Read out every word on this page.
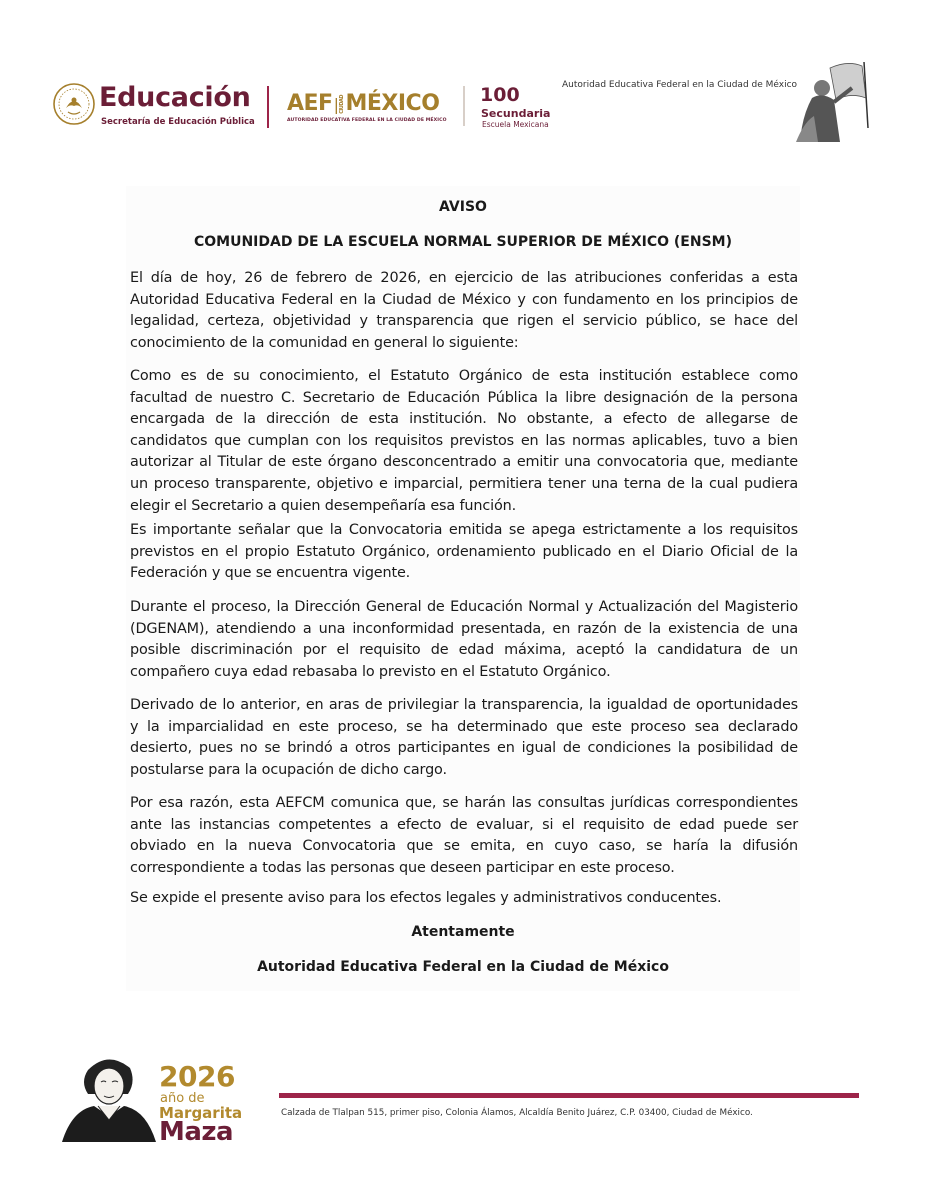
Educación
Secretaría de Educación Pública
AEF|CIUDADMÉXICO
AUTORIDAD EDUCATIVA FEDERAL EN LA CIUDAD DE MÉXICO
100
Secundaria
Escuela Mexicana
Autoridad Educativa Federal en la Ciudad de México
AVISO
COMUNIDAD DE LA ESCUELA NORMAL SUPERIOR DE MÉXICO (ENSM)

El día de hoy, 26 de febrero de 2026, en ejercicio de las atribuciones conferidas a esta Autoridad Educativa Federal en la Ciudad de México y con fundamento en los principios de legalidad, certeza, objetividad y transparencia que rigen el servicio público, se hace del conocimiento de la comunidad en general lo siguiente:

Como es de su conocimiento, el Estatuto Orgánico de esta institución establece como facultad de nuestro C. Secretario de Educación Pública la libre designación de la persona encargada de la dirección de esta institución. No obstante, a efecto de allegarse de candidatos que cumplan con los requisitos previstos en las normas aplicables, tuvo a bien autorizar al Titular de este órgano desconcentrado a emitir una convocatoria que, mediante un proceso transparente, objetivo e imparcial, permitiera tener una terna de la cual pudiera elegir el Secretario a quien desempeñaría esa función.

Es importante señalar que la Convocatoria emitida se apega estrictamente a los requisitos previstos en el propio Estatuto Orgánico, ordenamiento publicado en el Diario Oficial de la Federación y que se encuentra vigente.

Durante el proceso, la Dirección General de Educación Normal y Actualización del Magisterio (DGENAM), atendiendo a una inconformidad presentada, en razón de la existencia de una posible discriminación por el requisito de edad máxima, aceptó la candidatura de un compañero cuya edad rebasaba lo previsto en el Estatuto Orgánico.

Derivado de lo anterior, en aras de privilegiar la transparencia, la igualdad de oportunidades y la imparcialidad en este proceso, se ha determinado que este proceso sea declarado desierto, pues no se brindó a otros participantes en igual de condiciones la posibilidad de postularse para la ocupación de dicho cargo.

Por esa razón, esta AEFCM comunica que, se harán las consultas jurídicas correspondientes ante las instancias competentes a efecto de evaluar, si el requisito de edad puede ser obviado en la nueva Convocatoria que se emita, en cuyo caso, se haría la difusión correspondiente a todas las personas que deseen participar en este proceso.

Se expide el presente aviso para los efectos legales y administrativos conducentes.

Atentamente
Autoridad Educativa Federal en la Ciudad de México
2026
año de
Margarita
Maza
Calzada de Tlalpan 515, primer piso, Colonia Álamos, Alcaldía Benito Juárez, C.P. 03400, Ciudad de México.
